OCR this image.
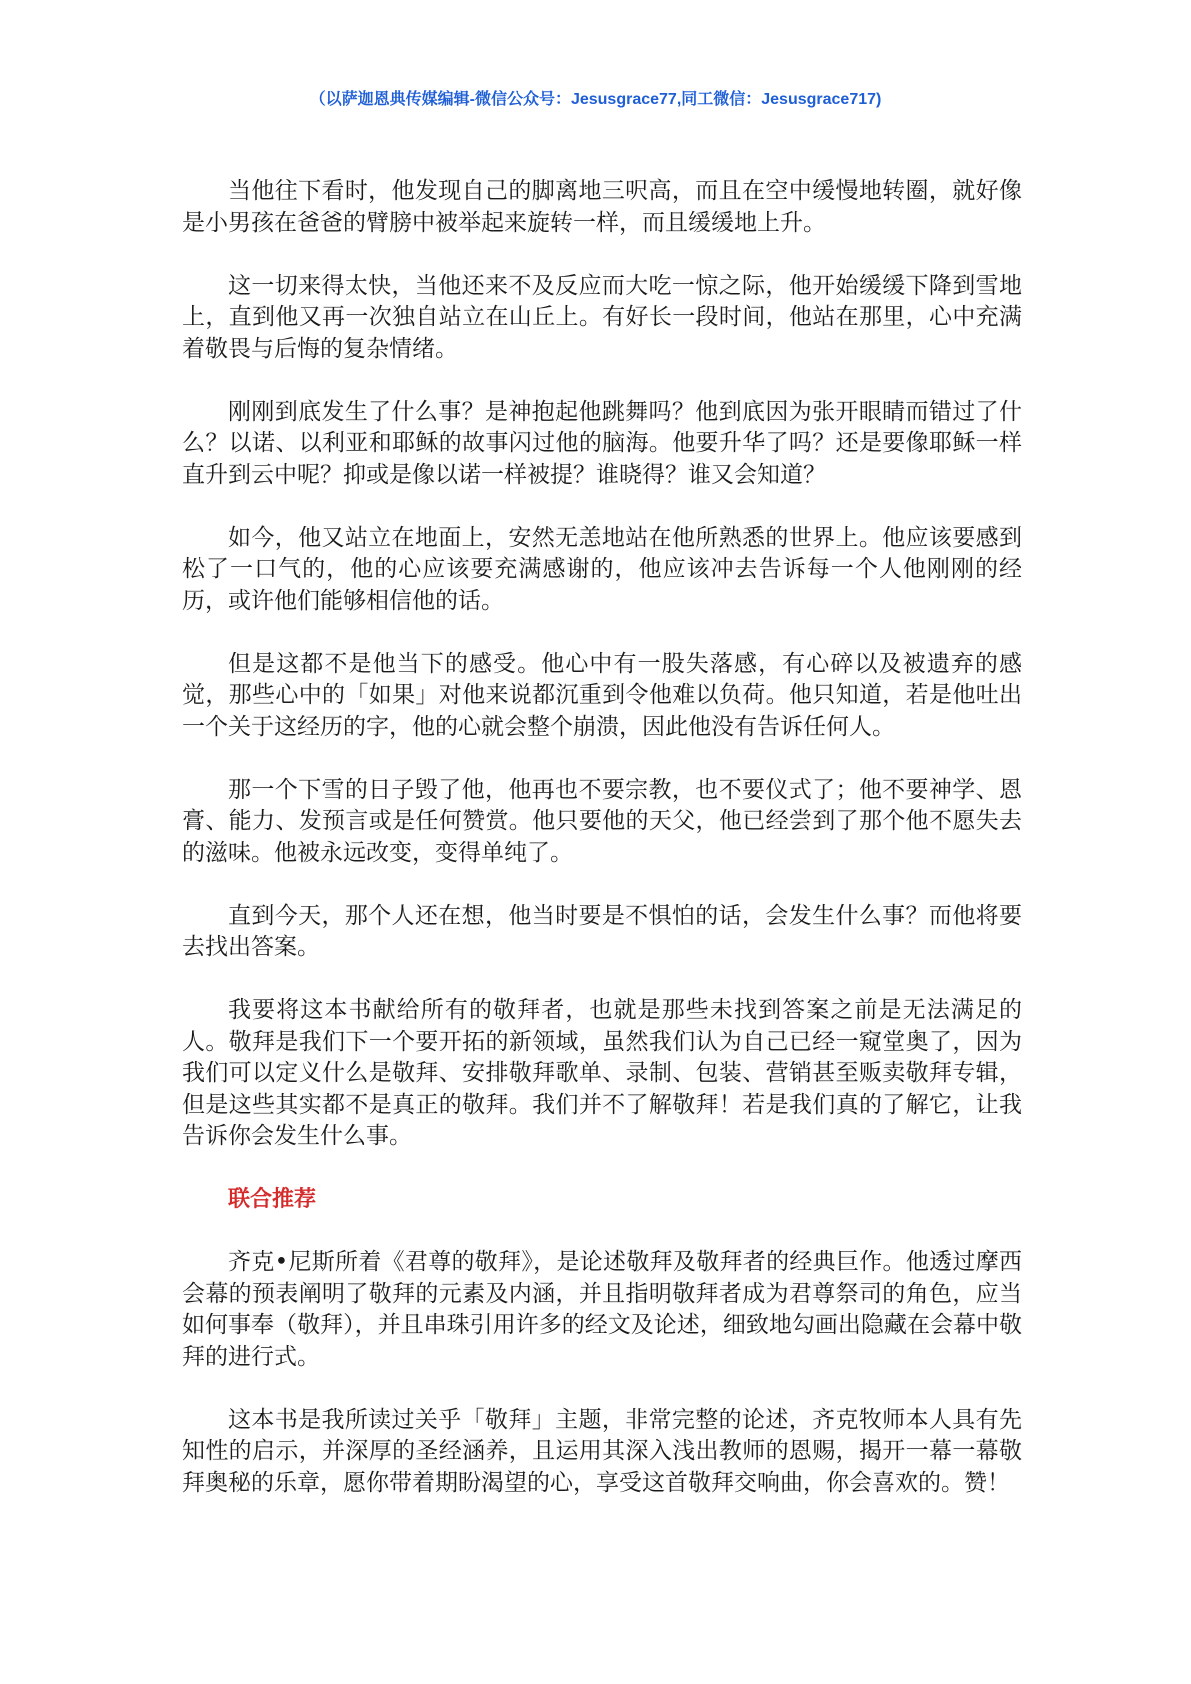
（以萨迦恩典传媒编辑-微信公众号：Jesusgrace77,同工微信：Jesusgrace717)

当他往下看时，他发现自己的脚离地三呎高，而且在空中缓慢地转圈，就好像是小男孩在爸爸的臂膀中被举起来旋转一样，而且缓缓地上升。

这一切来得太快，当他还来不及反应而大吃一惊之际，他开始缓缓下降到雪地上，直到他又再一次独自站立在山丘上。有好长一段时间，他站在那里，心中充满着敬畏与后悔的复杂情绪。

刚刚到底发生了什么事？是神抱起他跳舞吗？他到底因为张开眼睛而错过了什么？以诺、以利亚和耶稣的故事闪过他的脑海。他要升华了吗？还是要像耶稣一样直升到云中呢？抑或是像以诺一样被提？谁晓得？谁又会知道？

如今，他又站立在地面上，安然无恙地站在他所熟悉的世界上。他应该要感到松了一口气的，他的心应该要充满感谢的，他应该冲去告诉每一个人他刚刚的经历，或许他们能够相信他的话。

但是这都不是他当下的感受。他心中有一股失落感，有心碎以及被遗弃的感觉，那些心中的「如果」对他来说都沉重到令他难以负荷。他只知道，若是他吐出一个关于这经历的字，他的心就会整个崩溃，因此他没有告诉任何人。

那一个下雪的日子毁了他，他再也不要宗教，也不要仪式了；他不要神学、恩膏、能力、发预言或是任何赞赏。他只要他的天父，他已经尝到了那个他不愿失去的滋味。他被永远改变，变得单纯了。

直到今天，那个人还在想，他当时要是不惧怕的话，会发生什么事？而他将要去找出答案。

我要将这本书献给所有的敬拜者，也就是那些未找到答案之前是无法满足的人。敬拜是我们下一个要开拓的新领域，虽然我们认为自己已经一窥堂奥了，因为我们可以定义什么是敬拜、安排敬拜歌单、录制、包装、营销甚至贩卖敬拜专辑，但是这些其实都不是真正的敬拜。我们并不了解敬拜！若是我们真的了解它，让我告诉你会发生什么事。

联合推荐

齐克•尼斯所着《君尊的敬拜》，是论述敬拜及敬拜者的经典巨作。他透过摩西会幕的预表阐明了敬拜的元素及内涵，并且指明敬拜者成为君尊祭司的角色，应当如何事奉（敬拜），并且串珠引用许多的经文及论述，细致地勾画出隐藏在会幕中敬拜的进行式。

这本书是我所读过关乎「敬拜」主题，非常完整的论述，齐克牧师本人具有先知性的启示，并深厚的圣经涵养，且运用其深入浅出教师的恩赐，揭开一幕一幕敬拜奥秘的乐章，愿你带着期盼渴望的心，享受这首敬拜交响曲，你会喜欢的。赞！
